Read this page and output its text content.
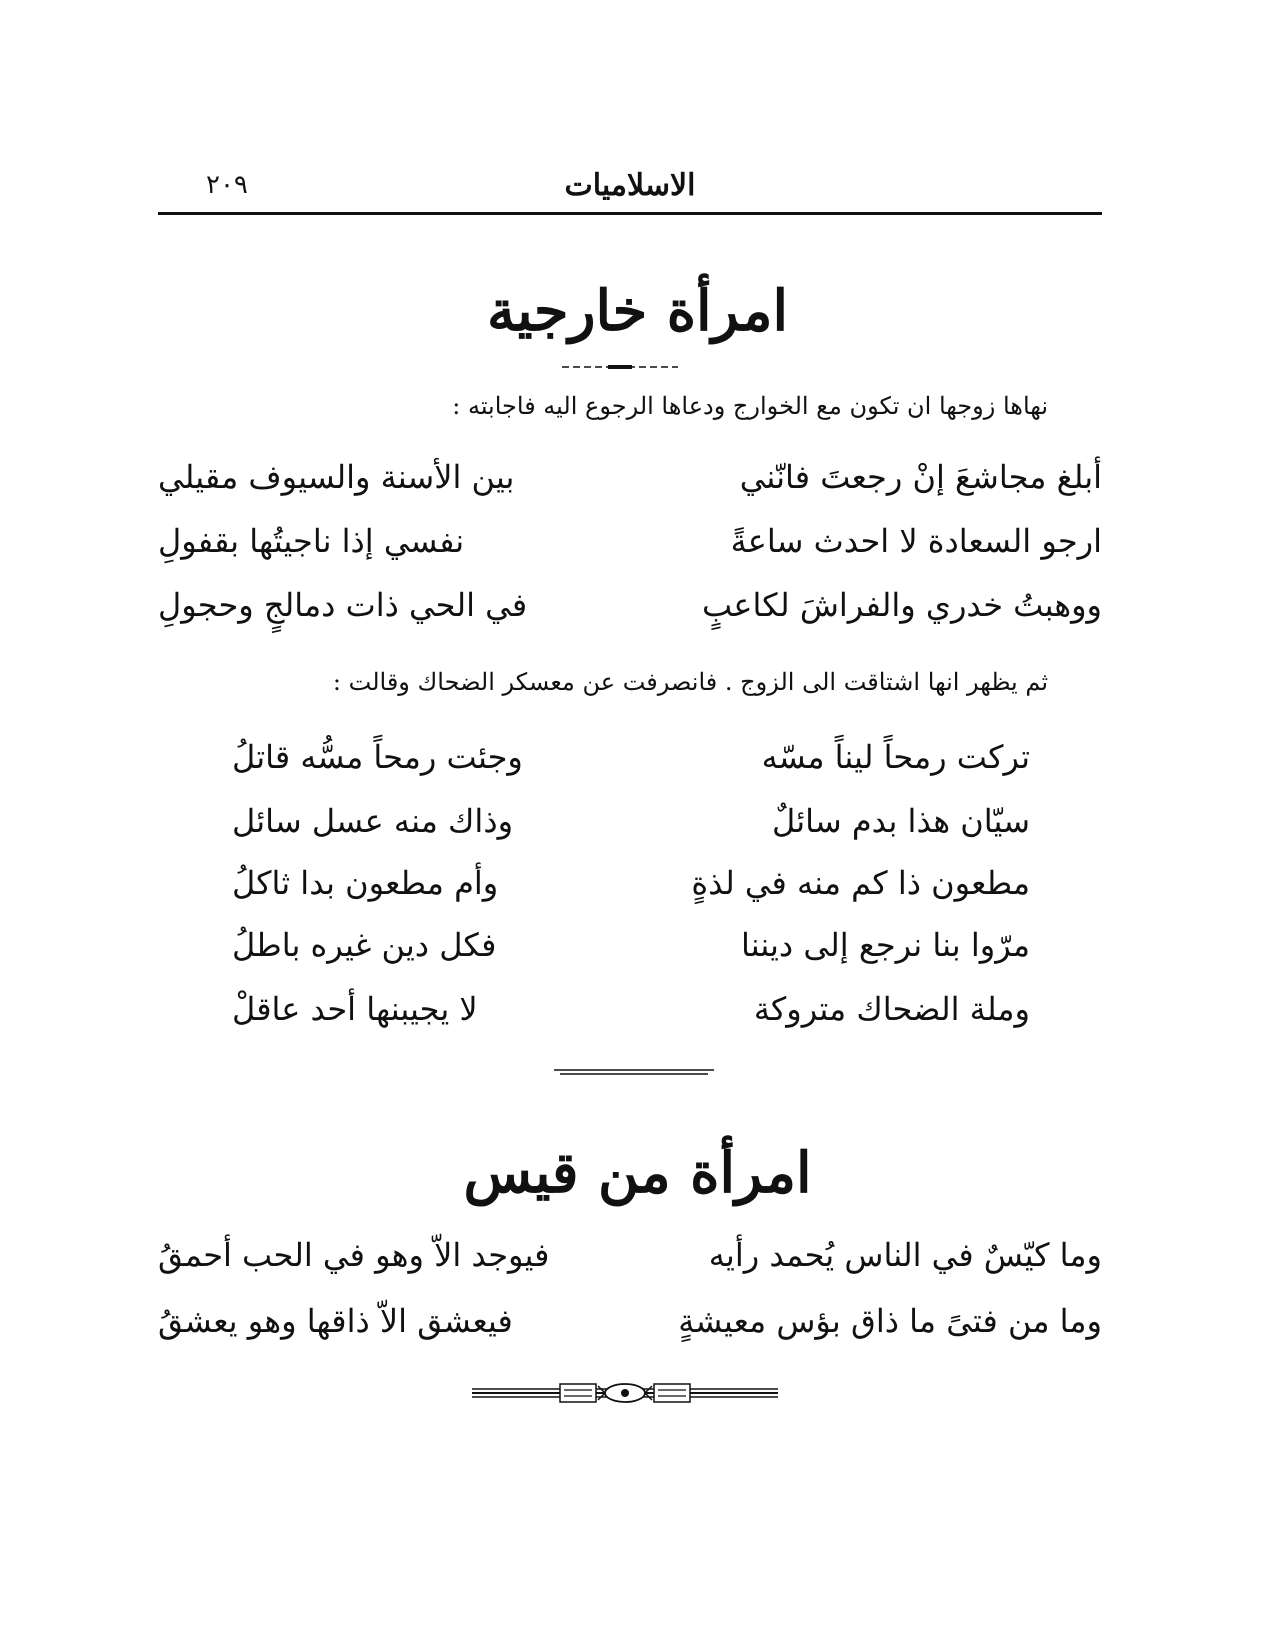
الاسلاميات
٢٠٩
امرأة خارجية
نهاها زوجها ان تكون مع الخوارج ودعاها الرجوع اليه فاجابته :
أبلغ مجاشعَ إنْ رجعتَ فانّني
بين الأسنة والسيوف مقيلي
ارجو السعادة لا احدث ساعةً
نفسي إذا ناجيتُها بقفولِ
ووهبتُ خدري والفراشَ لكاعبٍ
في الحي ذات دمالجٍ وحجولِ
ثم يظهر انها اشتاقت الى الزوج . فانصرفت عن معسكر الضحاك وقالت :
تركت رمحاً ليناً مسّه
وجئت رمحاً مسُّه قاتلُ
سيّان هذا بدم سائلٌ
وذاك منه عسل سائل
مطعون ذا كم منه في لذةٍ
وأم مطعون بدا ثاكلُ
مرّوا بنا نرجع إلى ديننا
فكل دين غيره باطلُ
وملة الضحاك متروكة
لا يجيبنها أحد عاقلْ
امرأة من قيس
وما كيّسٌ في الناس يُحمد رأيه
فيوجد الاّ وهو في الحب أحمقُ
وما من فتىً ما ذاق بؤس معيشةٍ
فيعشق الاّ ذاقها وهو يعشقُ
